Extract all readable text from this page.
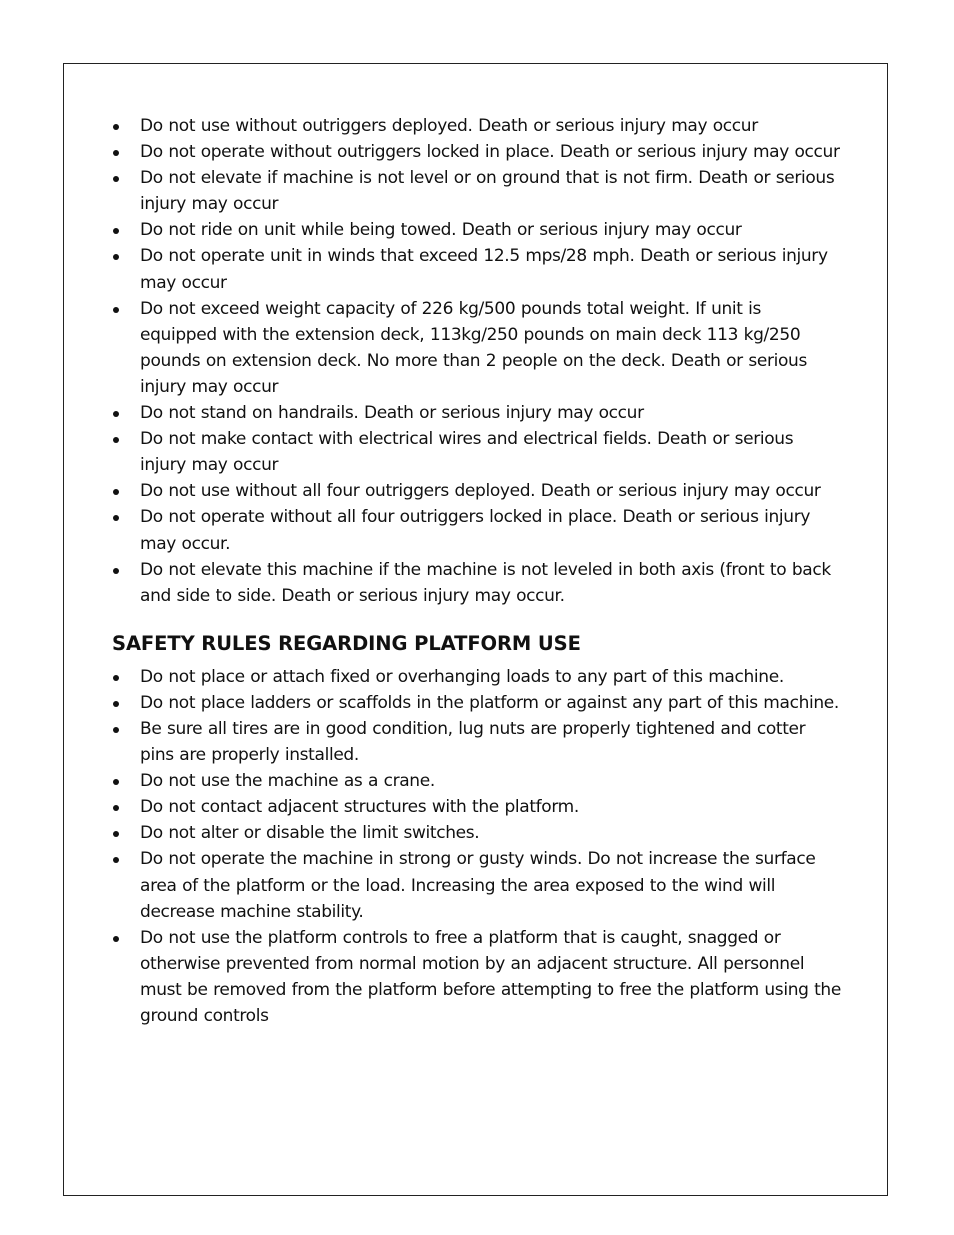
Do not use without outriggers deployed. Death or serious injury may occur
Do not operate without outriggers locked in place. Death or serious injury may occur
Do not elevate if machine is not level or on ground that is not firm. Death or serious injury may occur
Do not ride on unit while being towed. Death or serious injury may occur
Do not operate unit in winds that exceed 12.5 mps/28 mph. Death or serious injury may occur
Do not exceed weight capacity of 226 kg/500 pounds total weight. If unit is equipped with the extension deck, 113kg/250 pounds on main deck 113 kg/250 pounds on extension deck. No more than 2 people on the deck. Death or serious injury may occur
Do not stand on handrails. Death or serious injury may occur
Do not make contact with electrical wires and electrical fields. Death or serious injury may occur
Do not use without all four outriggers deployed. Death or serious injury may occur
Do not operate without all four outriggers locked in place. Death or serious injury may occur.
Do not elevate this machine if the machine is not leveled in both axis (front to back and side to side. Death or serious injury may occur.
SAFETY RULES REGARDING PLATFORM USE
Do not place or attach fixed or overhanging loads to any part of this machine.
Do not place ladders or scaffolds in the platform or against any part of this machine.
Be sure all tires are in good condition, lug nuts are properly tightened and cotter pins are properly installed.
Do not use the machine as a crane.
Do not contact adjacent structures with the platform.
Do not alter or disable the limit switches.
Do not operate the machine in strong or gusty winds. Do not increase the surface area of the platform or the load. Increasing the area exposed to the wind will decrease machine stability.
Do not use the platform controls to free a platform that is caught, snagged or otherwise prevented from normal motion by an adjacent structure. All personnel must be removed from the platform before attempting to free the platform using the ground controls
